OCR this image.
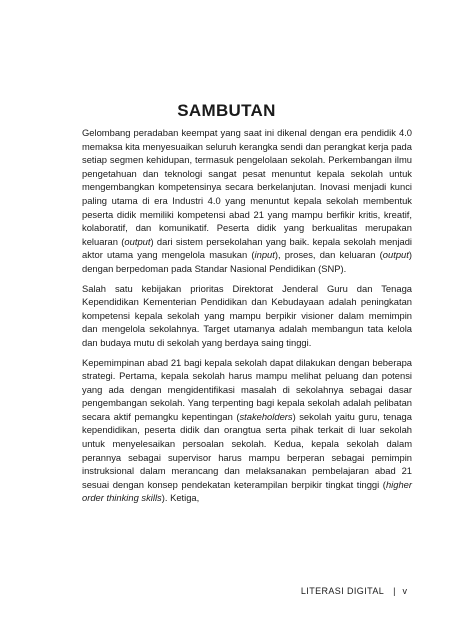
SAMBUTAN

Gelombang peradaban keempat yang saat ini dikenal dengan era pendidik 4.0 memaksa kita menyesuaikan seluruh kerangka sendi dan perangkat kerja pada setiap segmen kehidupan, termasuk pengelolaan sekolah. Perkembangan ilmu pengetahuan dan teknologi sangat pesat menuntut kepala sekolah untuk mengembangkan kompetensinya secara berkelanjutan. Inovasi menjadi kunci paling utama di era Industri 4.0 yang menuntut kepala sekolah membentuk peserta didik memiliki kompetensi abad 21 yang mampu berfikir kritis, kreatif, kolaboratif, dan komunikatif. Peserta didik yang berkualitas merupakan keluaran (output) dari sistem persekolahan yang baik. kepala sekolah menjadi aktor utama yang mengelola masukan (input), proses, dan keluaran (output) dengan berpedoman pada Standar Nasional Pendidikan (SNP).

Salah satu kebijakan prioritas Direktorat Jenderal Guru dan Tenaga Kependidikan Kementerian Pendidikan dan Kebudayaan adalah peningkatan kompetensi kepala sekolah yang mampu berpikir visioner dalam memimpin dan mengelola sekolahnya. Target utamanya adalah membangun tata kelola dan budaya mutu di sekolah yang berdaya saing tinggi.

Kepemimpinan abad 21 bagi kepala sekolah dapat dilakukan dengan beberapa strategi. Pertama, kepala sekolah harus mampu melihat peluang dan potensi yang ada dengan mengidentifikasi masalah di sekolahnya sebagai dasar pengembangan sekolah. Yang terpenting bagi kepala sekolah adalah pelibatan secara aktif pemangku kepentingan (stakeholders) sekolah yaitu guru, tenaga kependidikan, peserta didik dan orangtua serta pihak terkait di luar sekolah untuk menyelesaikan persoalan sekolah. Kedua, kepala sekolah dalam perannya sebagai supervisor harus mampu berperan sebagai pemimpin instruksional dalam merancang dan melaksanakan pembelajaran abad 21 sesuai dengan konsep pendekatan keterampilan berpikir tingkat tinggi (higher order thinking skills). Ketiga,

LITERASI DIGITAL | v
